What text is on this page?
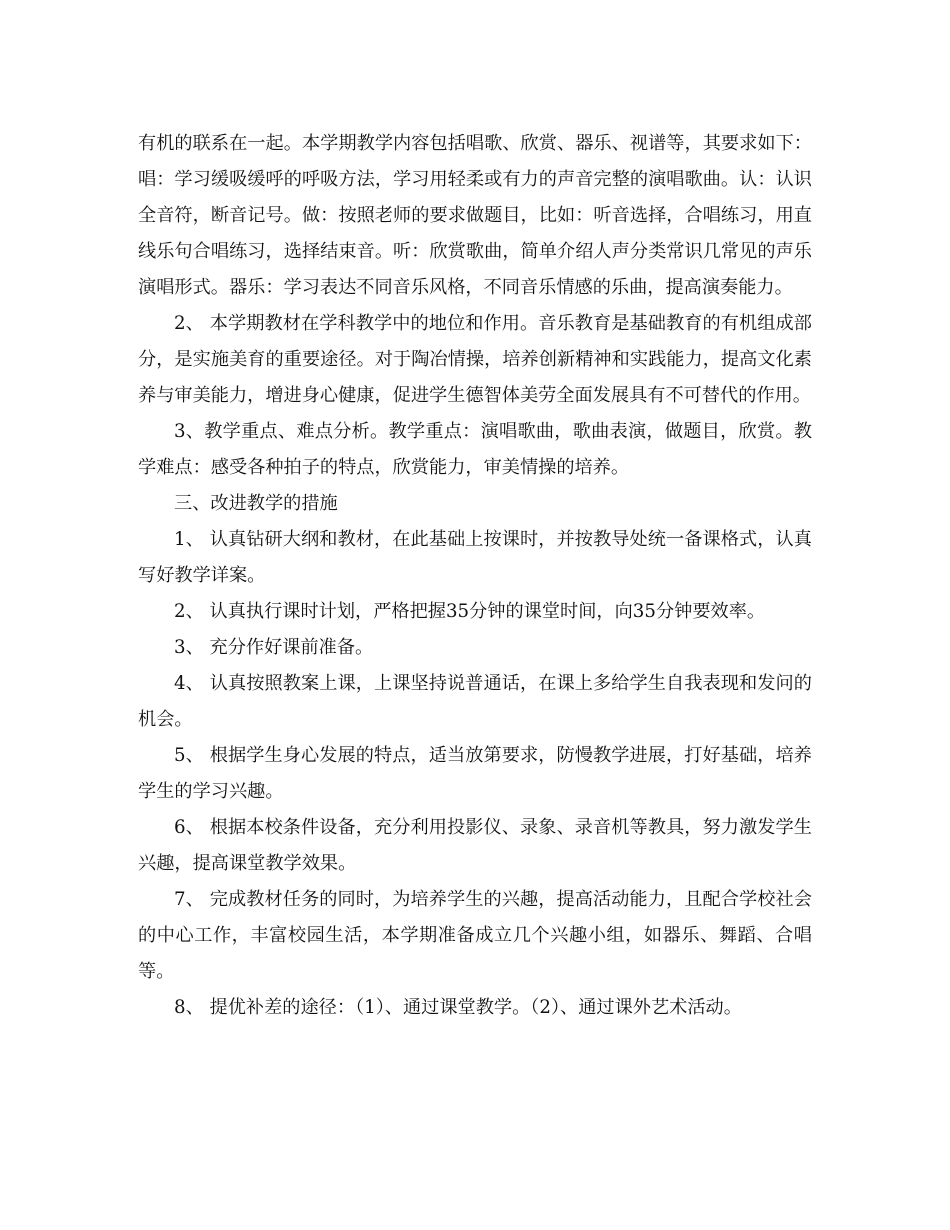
有机的联系在一起。本学期教学内容包括唱歌、欣赏、器乐、视谱等，其要求如下：唱：学习缓吸缓呼的呼吸方法，学习用轻柔或有力的声音完整的演唱歌曲。认：认识全音符，断音记号。做：按照老师的要求做题目，比如：听音选择，合唱练习，用直线乐句合唱练习，选择结束音。听：欣赏歌曲，简单介绍人声分类常识几常见的声乐演唱形式。器乐：学习表达不同音乐风格，不同音乐情感的乐曲，提高演奏能力。

2、 本学期教材在学科教学中的地位和作用。音乐教育是基础教育的有机组成部分，是实施美育的重要途径。对于陶冶情操，培养创新精神和实践能力，提高文化素养与审美能力，增进身心健康，促进学生德智体美劳全面发展具有不可替代的作用。

3、教学重点、难点分析。教学重点：演唱歌曲，歌曲表演，做题目，欣赏。教学难点：感受各种拍子的特点，欣赏能力，审美情操的培养。

三、改进教学的措施

1、 认真钻研大纲和教材，在此基础上按课时，并按教导处统一备课格式，认真写好教学详案。

2、 认真执行课时计划，严格把握35分钟的课堂时间，向35分钟要效率。

3、 充分作好课前准备。

4、 认真按照教案上课，上课坚持说普通话，在课上多给学生自我表现和发问的机会。

5、 根据学生身心发展的特点，适当放第要求，防慢教学进展，打好基础，培养学生的学习兴趣。

6、 根据本校条件设备，充分利用投影仪、录象、录音机等教具，努力激发学生兴趣，提高课堂教学效果。

7、 完成教材任务的同时，为培养学生的兴趣，提高活动能力，且配合学校社会的中心工作，丰富校园生活，本学期准备成立几个兴趣小组，如器乐、舞蹈、合唱等。

8、 提优补差的途径：（1）、通过课堂教学。（2）、通过课外艺术活动。
